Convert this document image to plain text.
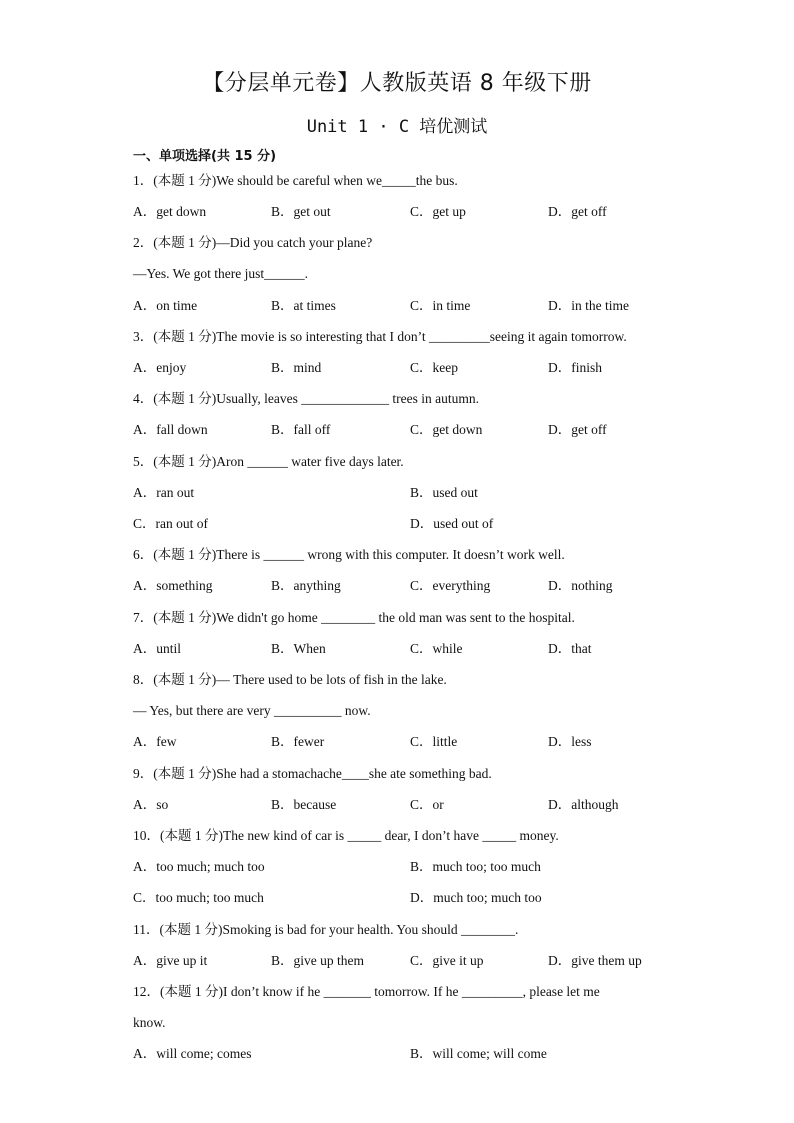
【分层单元卷】人教版英语 8 年级下册
Unit 1 · C 培优测试
一、单项选择(共 15 分)
1．(本题 1 分)We should be careful when we_____the bus.
A．get down	B．get out	C．get up	D．get off
2．(本题 1 分)—Did you catch your plane?
—Yes. We got there just______.
A．on time	B．at times	C．in time	D．in the time
3．(本题 1 分)The movie is so interesting that I don’t _________seeing it again tomorrow.
A．enjoy	B．mind	C．keep	D．finish
4．(本题 1 分)Usually, leaves _____________ trees in autumn.
A．fall down	B．fall off	C．get down	D．get off
5．(本题 1 分)Aron ______ water five days later.
A．ran out	B．used out
C．ran out of	D．used out of
6．(本题 1 分)There is ______ wrong with this computer. It doesn’t work well.
A．something	B．anything	C．everything	D．nothing
7．(本题 1 分)We didn't go home ________ the old man was sent to the hospital.
A．until	B．When	C．while	D．that
8．(本题 1 分)— There used to be lots of fish in the lake.
— Yes, but there are very __________ now.
A．few	B．fewer	C．little	D．less
9．(本题 1 分)She had a stomachache____she ate something bad.
A．so	B．because	C．or	D．although
10．(本题 1 分)The new kind of car is _____ dear, I don’t have _____ money.
A．too much; much too	B．much too; too much
C．too much; too much	D．much too; much too
11．(本题 1 分)Smoking is bad for your health. You should ________.
A．give up it	B．give up them	C．give it up	D．give them up
12．(本题 1 分)I don’t know if he _______ tomorrow. If he _________, please let me
know.
A．will come; comes	B．will come; will come
